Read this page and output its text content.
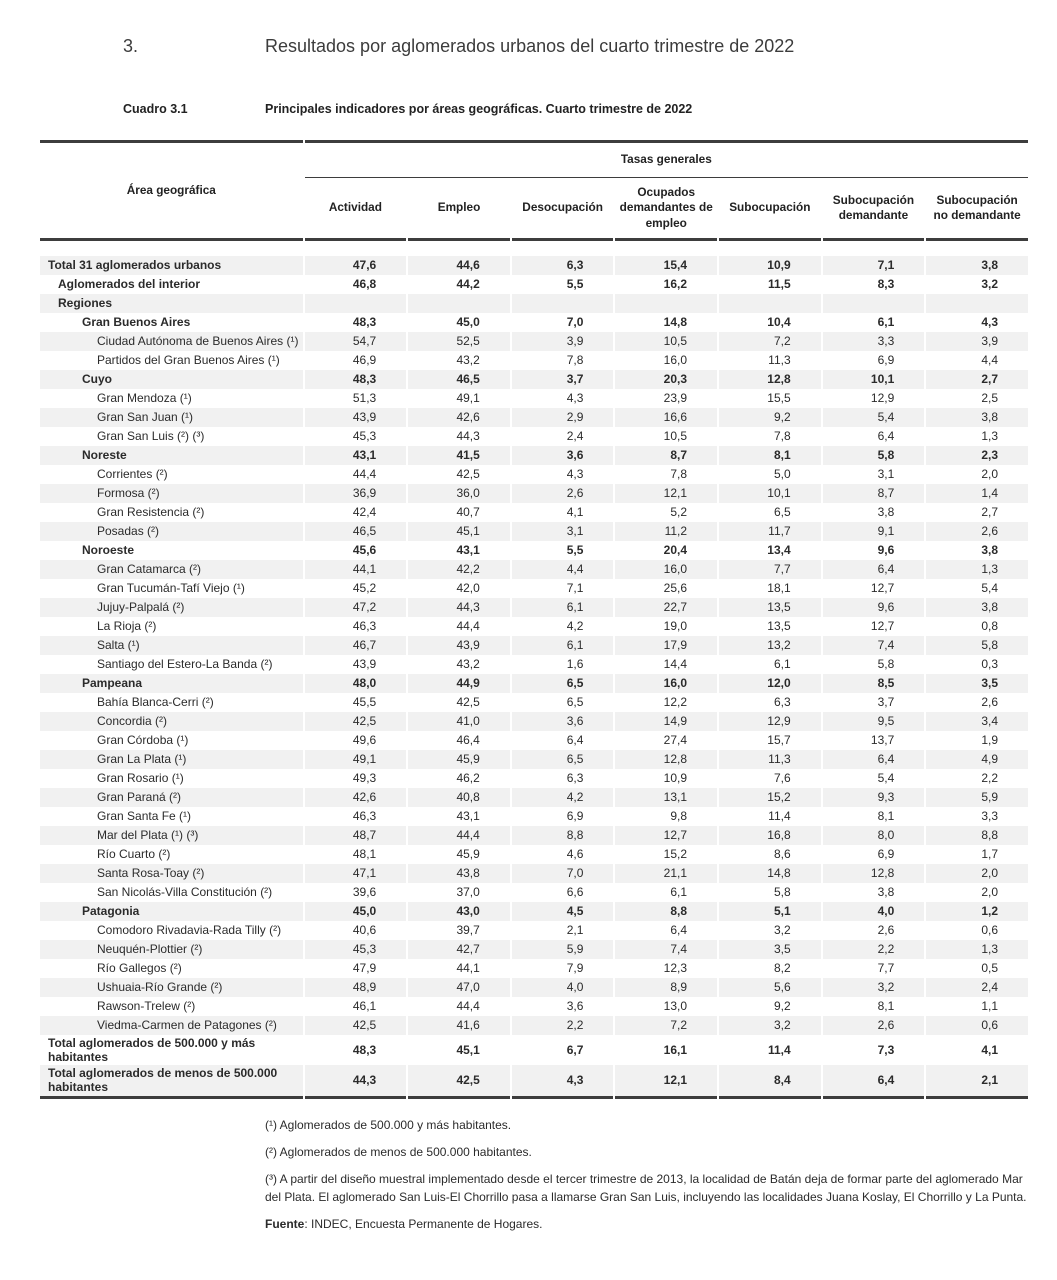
3.	Resultados por aglomerados urbanos del cuarto trimestre de 2022
Cuadro 3.1	Principales indicadores por áreas geográficas. Cuarto trimestre de 2022
Área geográfica	Tasas generales						
	Actividad	Empleo	Desocupación	Ocupados demandantes de empleo	Subocupación	Subocupación demandante	Subocupación no demandante
Total 31 aglomerados urbanos	47,6	44,6	6,3	15,4	10,9	7,1	3,8
Aglomerados del interior	46,8	44,2	5,5	16,2	11,5	8,3	3,2
Regiones							
Gran Buenos Aires	48,3	45,0	7,0	14,8	10,4	6,1	4,3
Ciudad Autónoma de Buenos Aires (¹)	54,7	52,5	3,9	10,5	7,2	3,3	3,9
Partidos del Gran Buenos Aires (¹)	46,9	43,2	7,8	16,0	11,3	6,9	4,4
Cuyo	48,3	46,5	3,7	20,3	12,8	10,1	2,7
Gran Mendoza (¹)	51,3	49,1	4,3	23,9	15,5	12,9	2,5
Gran San Juan (¹)	43,9	42,6	2,9	16,6	9,2	5,4	3,8
Gran San Luis (²) (³)	45,3	44,3	2,4	10,5	7,8	6,4	1,3
Noreste	43,1	41,5	3,6	8,7	8,1	5,8	2,3
Corrientes (²)	44,4	42,5	4,3	7,8	5,0	3,1	2,0
Formosa (²)	36,9	36,0	2,6	12,1	10,1	8,7	1,4
Gran Resistencia (²)	42,4	40,7	4,1	5,2	6,5	3,8	2,7
Posadas (²)	46,5	45,1	3,1	11,2	11,7	9,1	2,6
Noroeste	45,6	43,1	5,5	20,4	13,4	9,6	3,8
Gran Catamarca (²)	44,1	42,2	4,4	16,0	7,7	6,4	1,3
Gran Tucumán-Tafí Viejo (¹)	45,2	42,0	7,1	25,6	18,1	12,7	5,4
Jujuy-Palpalá (²)	47,2	44,3	6,1	22,7	13,5	9,6	3,8
La Rioja (²)	46,3	44,4	4,2	19,0	13,5	12,7	0,8
Salta (¹)	46,7	43,9	6,1	17,9	13,2	7,4	5,8
Santiago del Estero-La Banda (²)	43,9	43,2	1,6	14,4	6,1	5,8	0,3
Pampeana	48,0	44,9	6,5	16,0	12,0	8,5	3,5
Bahía Blanca-Cerri (²)	45,5	42,5	6,5	12,2	6,3	3,7	2,6
Concordia (²)	42,5	41,0	3,6	14,9	12,9	9,5	3,4
Gran Córdoba (¹)	49,6	46,4	6,4	27,4	15,7	13,7	1,9
Gran La Plata (¹)	49,1	45,9	6,5	12,8	11,3	6,4	4,9
Gran Rosario (¹)	49,3	46,2	6,3	10,9	7,6	5,4	2,2
Gran Paraná (²)	42,6	40,8	4,2	13,1	15,2	9,3	5,9
Gran Santa Fe (¹)	46,3	43,1	6,9	9,8	11,4	8,1	3,3
Mar del Plata (¹) (³)	48,7	44,4	8,8	12,7	16,8	8,0	8,8
Río Cuarto (²)	48,1	45,9	4,6	15,2	8,6	6,9	1,7
Santa Rosa-Toay (²)	47,1	43,8	7,0	21,1	14,8	12,8	2,0
San Nicolás-Villa Constitución (²)	39,6	37,0	6,6	6,1	5,8	3,8	2,0
Patagonia	45,0	43,0	4,5	8,8	5,1	4,0	1,2
Comodoro Rivadavia-Rada Tilly (²)	40,6	39,7	2,1	6,4	3,2	2,6	0,6
Neuquén-Plottier (²)	45,3	42,7	5,9	7,4	3,5	2,2	1,3
Río Gallegos (²)	47,9	44,1	7,9	12,3	8,2	7,7	0,5
Ushuaia-Río Grande (²)	48,9	47,0	4,0	8,9	5,6	3,2	2,4
Rawson-Trelew (²)	46,1	44,4	3,6	13,0	9,2	8,1	1,1
Viedma-Carmen de Patagones (²)	42,5	41,6	2,2	7,2	3,2	2,6	0,6
Total aglomerados de 500.000 y más habitantes	48,3	45,1	6,7	16,1	11,4	7,3	4,1
Total aglomerados de menos de 500.000 habitantes	44,3	42,5	4,3	12,1	8,4	6,4	2,1

(¹) Aglomerados de 500.000 y más habitantes.

(²) Aglomerados de menos de 500.000 habitantes.

(³) A partir del diseño muestral implementado desde el tercer trimestre de 2013, la localidad de Batán deja de formar parte del aglomerado Mar del Plata. El aglomerado San Luis-El Chorrillo pasa a llamarse Gran San Luis, incluyendo las localidades Juana Koslay, El Chorrillo y La Punta.

Fuente: INDEC, Encuesta Permanente de Hogares.
